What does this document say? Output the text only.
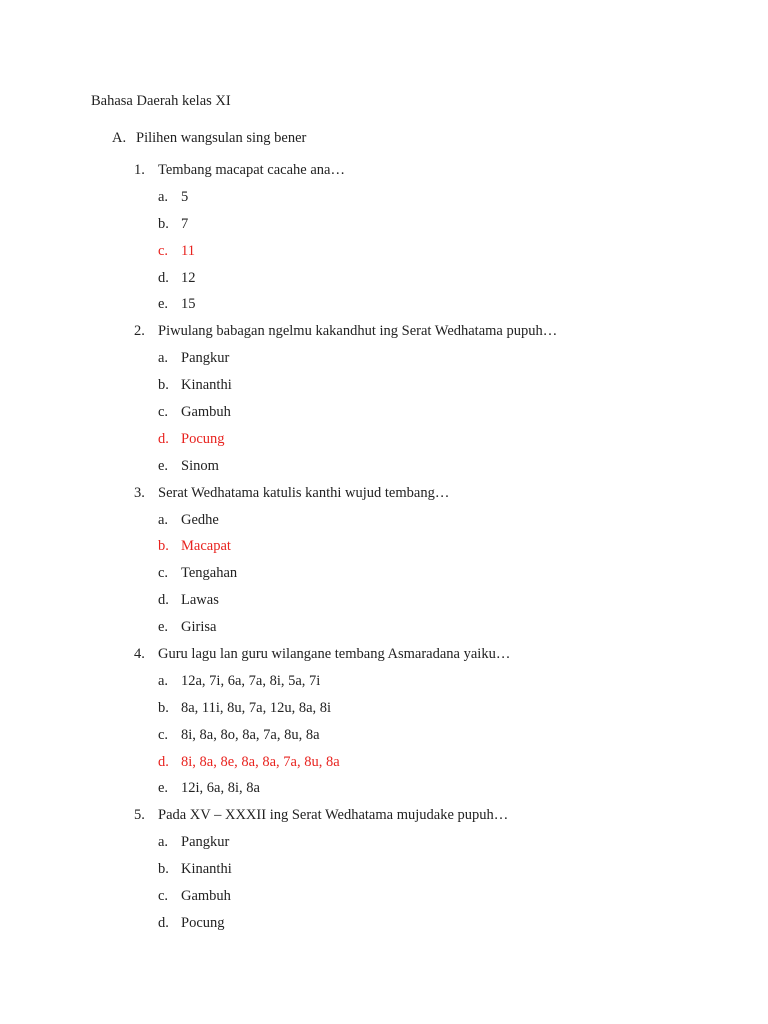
Bahasa Daerah kelas XI
A. Pilihen wangsulan sing bener
1. Tembang macapat cacahe ana…
a. 5
b. 7
c. 11
d. 12
e. 15
2. Piwulang babagan ngelmu kakandhut ing Serat Wedhatama pupuh…
a. Pangkur
b. Kinanthi
c. Gambuh
d. Pocung
e. Sinom
3. Serat Wedhatama katulis kanthi wujud tembang…
a. Gedhe
b. Macapat
c. Tengahan
d. Lawas
e. Girisa
4. Guru lagu lan guru wilangane tembang Asmaradana yaiku…
a. 12a, 7i, 6a, 7a, 8i, 5a, 7i
b. 8a, 11i, 8u, 7a, 12u, 8a, 8i
c. 8i, 8a, 8o, 8a, 7a, 8u, 8a
d. 8i, 8a, 8e, 8a, 8a, 7a, 8u, 8a
e. 12i, 6a, 8i, 8a
5. Pada XV – XXXII ing Serat Wedhatama mujudake pupuh…
a. Pangkur
b. Kinanthi
c. Gambuh
d. Pocung
